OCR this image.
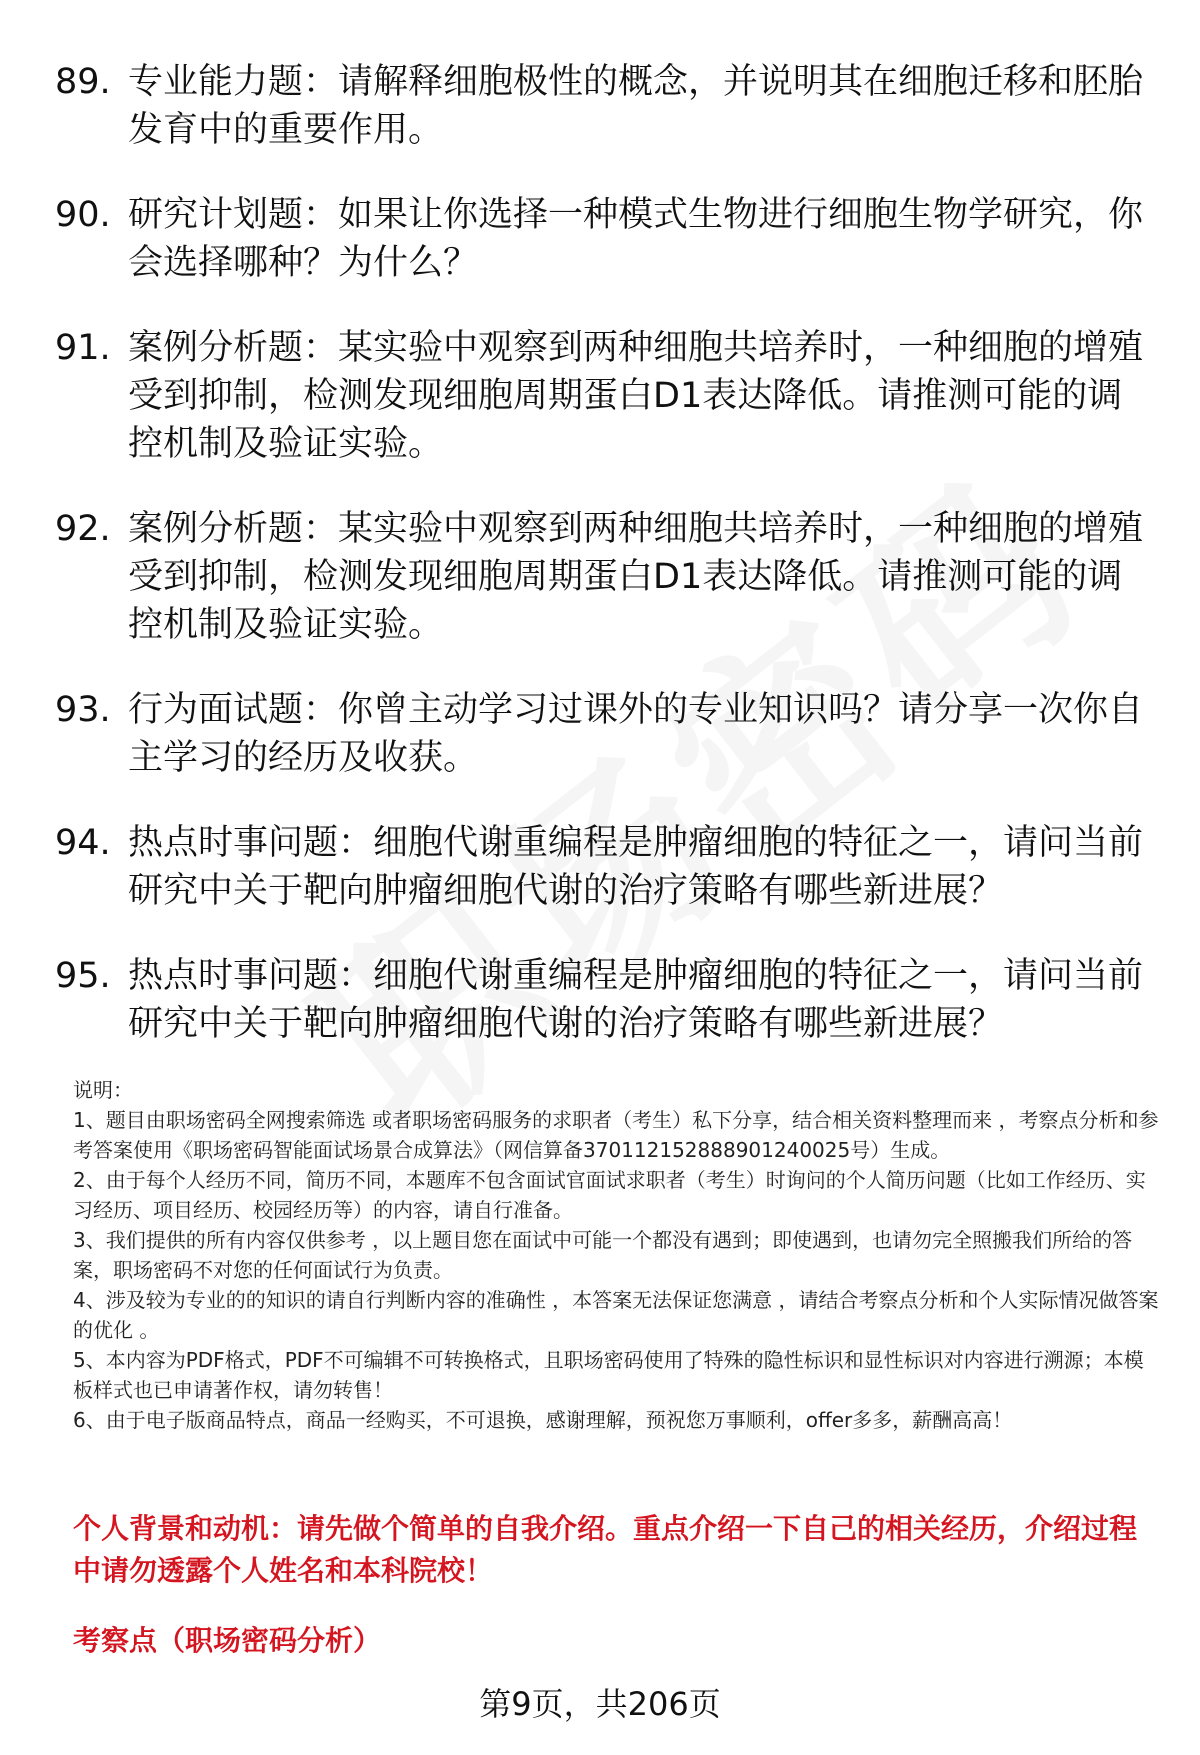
89. 专业能力题：请解释细胞极性的概念，并说明其在细胞迁移和胚胎发育中的重要作用。
90. 研究计划题：如果让你选择一种模式生物进行细胞生物学研究，你会选择哪种？为什么？
91. 案例分析题：某实验中观察到两种细胞共培养时，一种细胞的增殖受到抑制，检测发现细胞周期蛋白D1表达降低。请推测可能的调控机制及验证实验。
92. 案例分析题：某实验中观察到两种细胞共培养时，一种细胞的增殖受到抑制，检测发现细胞周期蛋白D1表达降低。请推测可能的调控机制及验证实验。
93. 行为面试题：你曾主动学习过课外的专业知识吗？请分享一次你自主学习的经历及收获。
94. 热点时事问题：细胞代谢重编程是肿瘤细胞的特征之一，请问当前研究中关于靶向肿瘤细胞代谢的治疗策略有哪些新进展？
95. 热点时事问题：细胞代谢重编程是肿瘤细胞的特征之一，请问当前研究中关于靶向肿瘤细胞代谢的治疗策略有哪些新进展？

说明：

1、题目由职场密码全网搜索筛选 或者职场密码服务的求职者（考生）私下分享，结合相关资料整理而来 ，考察点分析和参考答案使用《职场密码智能面试场景合成算法》（网信算备370112152888901240025号）生成。

2、由于每个人经历不同，简历不同，本题库不包含面试官面试求职者（考生）时询问的个人简历问题（比如工作经历、实习经历、项目经历、校园经历等）的内容，请自行准备。

3、我们提供的所有内容仅供参考 ，以上题目您在面试中可能一个都没有遇到；即使遇到，也请勿完全照搬我们所给的答案，职场密码不对您的任何面试行为负责。

4、涉及较为专业的的知识的请自行判断内容的准确性 ，本答案无法保证您满意 ，请结合考察点分析和个人实际情况做答案的优化 。

5、本内容为PDF格式，PDF不可编辑不可转换格式，且职场密码使用了特殊的隐性标识和显性标识对内容进行溯源；本模板样式也已申请著作权，请勿转售！

6、由于电子版商品特点，商品一经购买，不可退换，感谢理解，预祝您万事顺利，offer多多，薪酬高高！

个人背景和动机：请先做个简单的自我介绍。重点介绍一下自己的相关经历，介绍过程中请勿透露个人姓名和本科院校！

考察点（职场密码分析）

第9页，共206页
